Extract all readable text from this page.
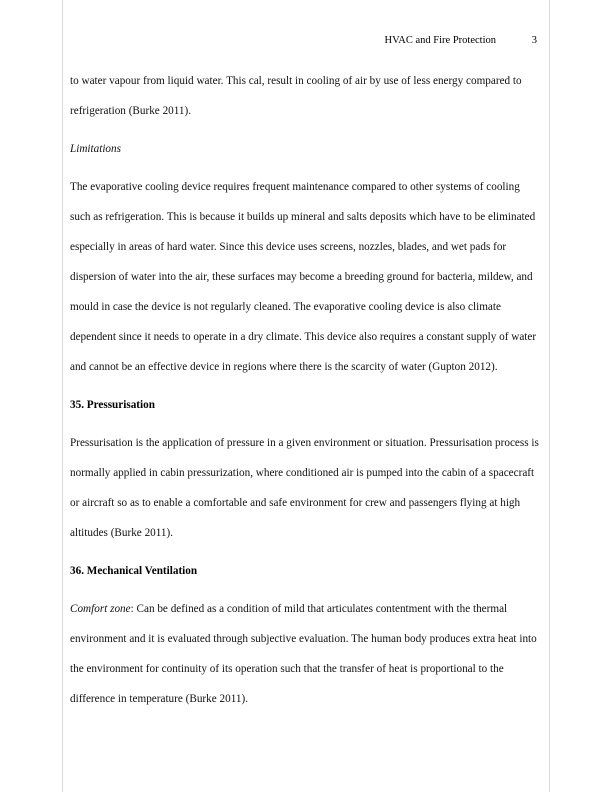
HVAC and Fire Protection	3

to water vapour from liquid water. This cal, result in cooling of air by use of less energy compared to refrigeration (Burke 2011).

Limitations

The evaporative cooling device requires frequent maintenance compared to other systems of cooling such as refrigeration. This is because it builds up mineral and salts deposits which have to be eliminated especially in areas of hard water. Since this device uses screens, nozzles, blades, and wet pads for dispersion of water into the air, these surfaces may become a breeding ground for bacteria, mildew, and mould in case the device is not regularly cleaned. The evaporative cooling device is also climate dependent since it needs to operate in a dry climate. This device also requires a constant supply of water and cannot be an effective device in regions where there is the scarcity of water (Gupton 2012).

35. Pressurisation

Pressurisation is the application of pressure in a given environment or situation. Pressurisation process is normally applied in cabin pressurization, where conditioned air is pumped into the cabin of a spacecraft or aircraft so as to enable a comfortable and safe environment for crew and passengers flying at high altitudes (Burke 2011).

36. Mechanical Ventilation

Comfort zone: Can be defined as a condition of mild that articulates contentment with the thermal environment and it is evaluated through subjective evaluation. The human body produces extra heat into the environment for continuity of its operation such that the transfer of heat is proportional to the difference in temperature (Burke 2011).
